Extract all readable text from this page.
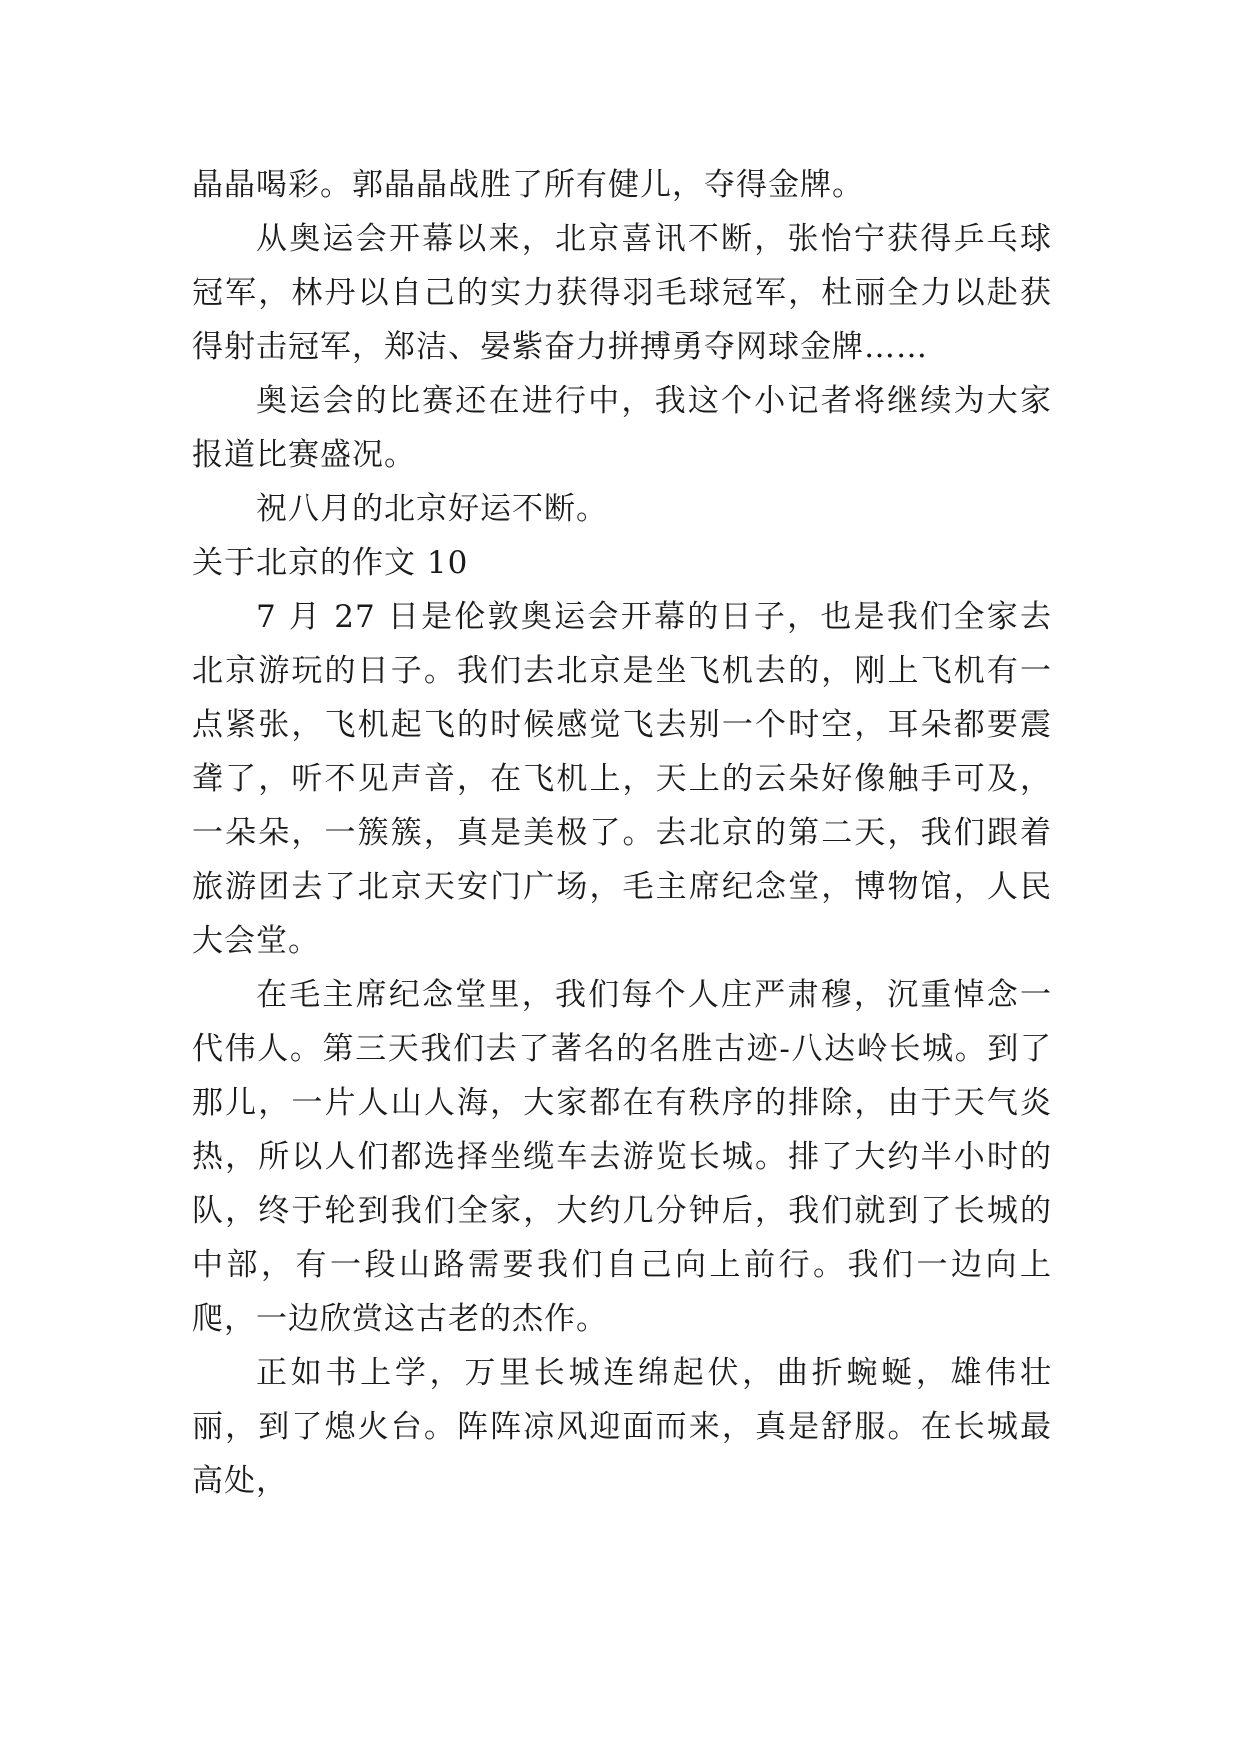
晶晶喝彩。郭晶晶战胜了所有健儿，夺得金牌。

从奥运会开幕以来，北京喜讯不断，张怡宁获得乒乓球冠军，林丹以自己的实力获得羽毛球冠军，杜丽全力以赴获得射击冠军，郑洁、晏紫奋力拼搏勇夺网球金牌……

奥运会的比赛还在进行中，我这个小记者将继续为大家报道比赛盛况。

祝八月的北京好运不断。

关于北京的作文 10

7 月 27 日是伦敦奥运会开幕的日子，也是我们全家去北京游玩的日子。我们去北京是坐飞机去的，刚上飞机有一点紧张，飞机起飞的时候感觉飞去别一个时空，耳朵都要震聋了，听不见声音，在飞机上，天上的云朵好像触手可及，一朵朵，一簇簇，真是美极了。去北京的第二天，我们跟着旅游团去了北京天安门广场，毛主席纪念堂，博物馆，人民大会堂。

在毛主席纪念堂里，我们每个人庄严肃穆，沉重悼念一代伟人。第三天我们去了著名的名胜古迹-八达岭长城。到了那儿，一片人山人海，大家都在有秩序的排除，由于天气炎热，所以人们都选择坐缆车去游览长城。排了大约半小时的队，终于轮到我们全家，大约几分钟后，我们就到了长城的中部，有一段山路需要我们自己向上前行。我们一边向上爬，一边欣赏这古老的杰作。

正如书上学，万里长城连绵起伏，曲折蜿蜒，雄伟壮丽，到了熄火台。阵阵凉风迎面而来，真是舒服。在长城最高处，
